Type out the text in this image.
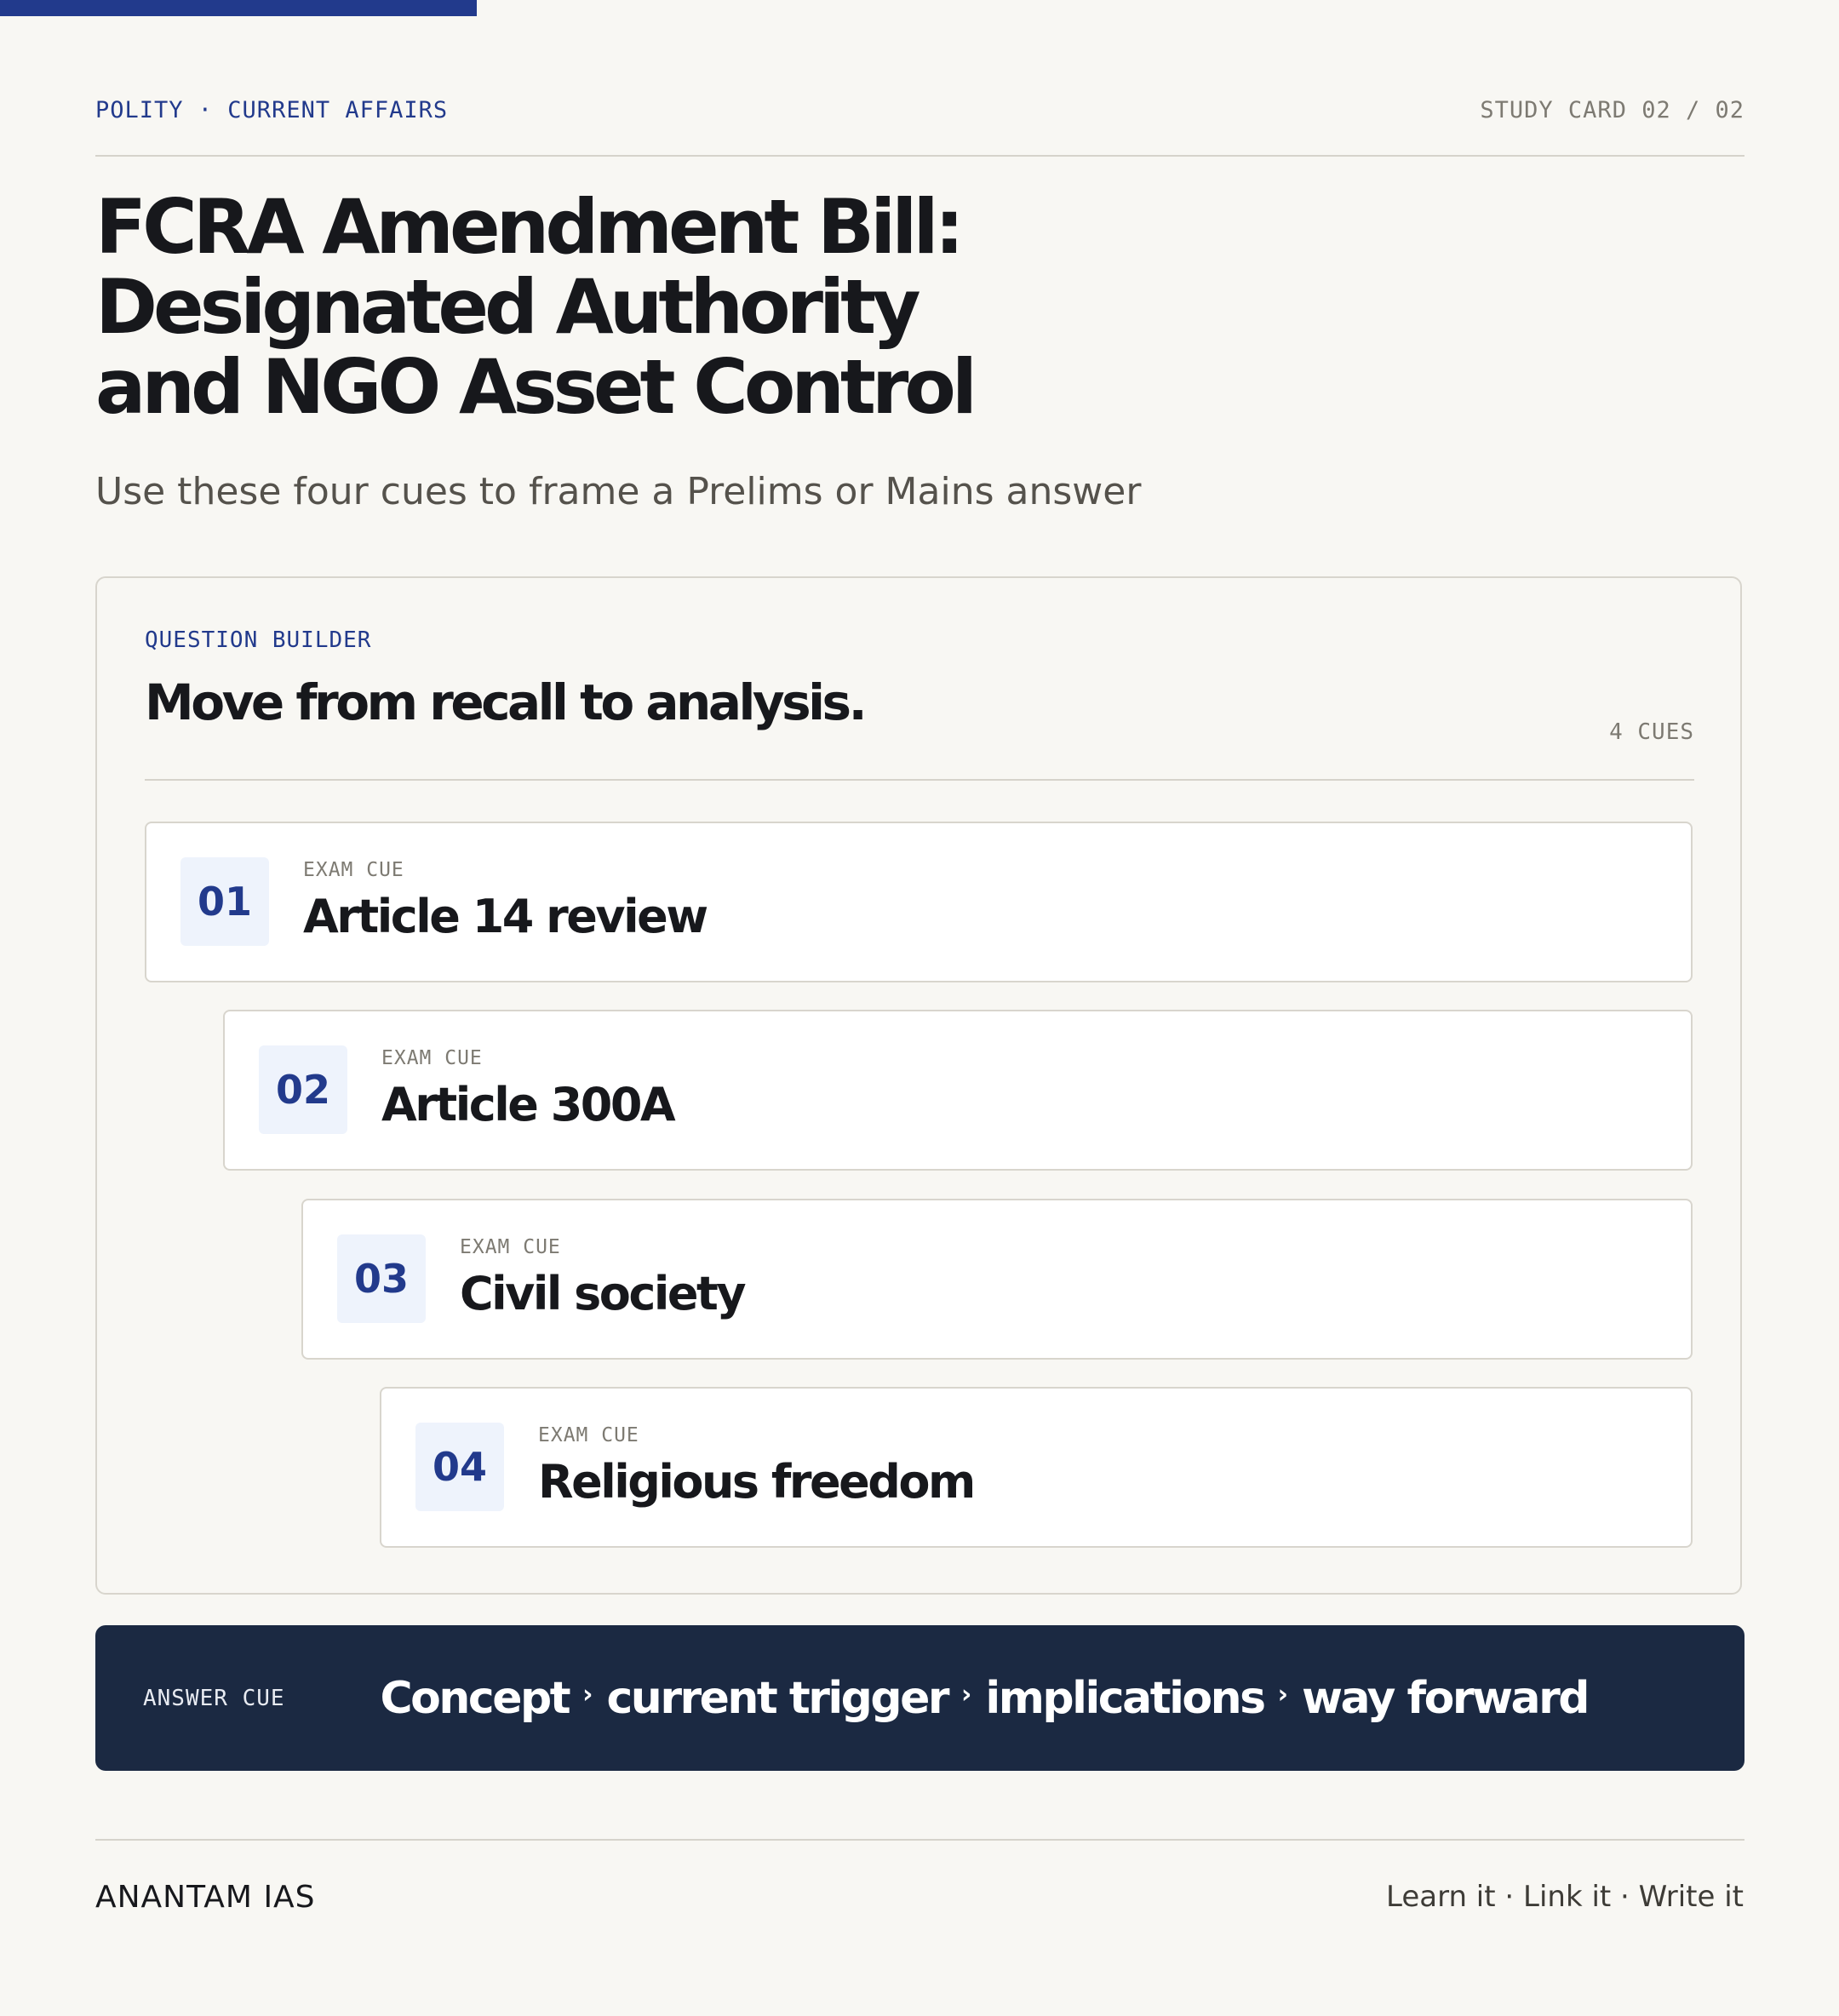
POLITY · CURRENT AFFAIRS	STUDY CARD 02 / 02
FCRA Amendment Bill:
Designated Authority
and NGO Asset Control
Use these four cues to frame a Prelims or Mains answer
QUESTION BUILDER
Move from recall to analysis.
4 CUES
01
EXAM CUE
Article 14 review
02
EXAM CUE
Article 300A
03
EXAM CUE
Civil society
04
EXAM CUE
Religious freedom
ANSWER CUE Concept › current trigger › implications › way forward
ANANTAM IAS	Learn it · Link it · Write it
